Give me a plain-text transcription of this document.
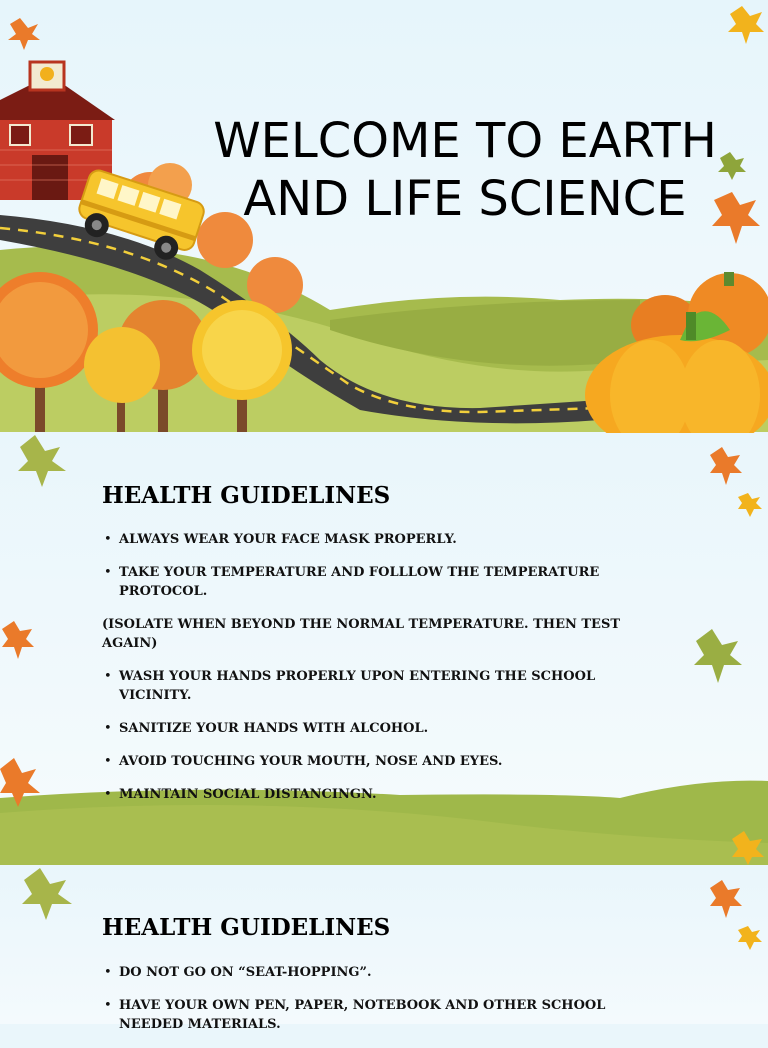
WELCOME TO EARTH AND LIFE SCIENCE
HEALTH GUIDELINES
• ALWAYS WEAR YOUR FACE MASK PROPERLY.
• TAKE YOUR TEMPERATURE AND FOLLLOW THE TEMPERATURE PROTOCOL.
(ISOLATE WHEN BEYOND THE NORMAL TEMPERATURE. THEN TEST AGAIN)
• WASH YOUR HANDS PROPERLY UPON ENTERING THE SCHOOL VICINITY.
• SANITIZE YOUR HANDS WITH ALCOHOL.
• AVOID TOUCHING YOUR MOUTH, NOSE AND EYES.
• MAINTAIN SOCIAL DISTANCINGN.
HEALTH GUIDELINES
• DO NOT GO ON “SEAT-HOPPING”.
• HAVE YOUR OWN PEN, PAPER, NOTEBOOK AND OTHER SCHOOL NEEDED MATERIALS.
